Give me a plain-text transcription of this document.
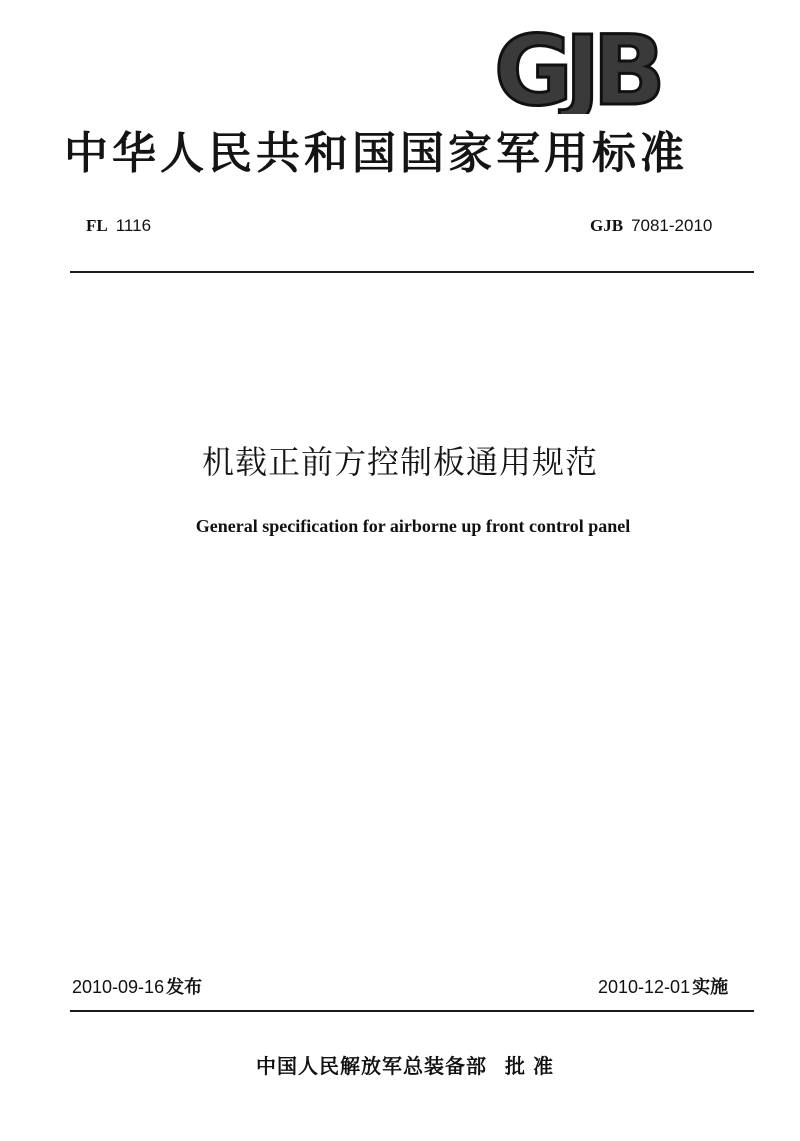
GJB
中华人民共和国国家军用标准
FL 1116	GJB 7081-2010
机载正前方控制板通用规范
General specification for airborne up front control panel
2010-09-16 发布	2010-12-01 实施
中国人民解放军总装备部 批准
